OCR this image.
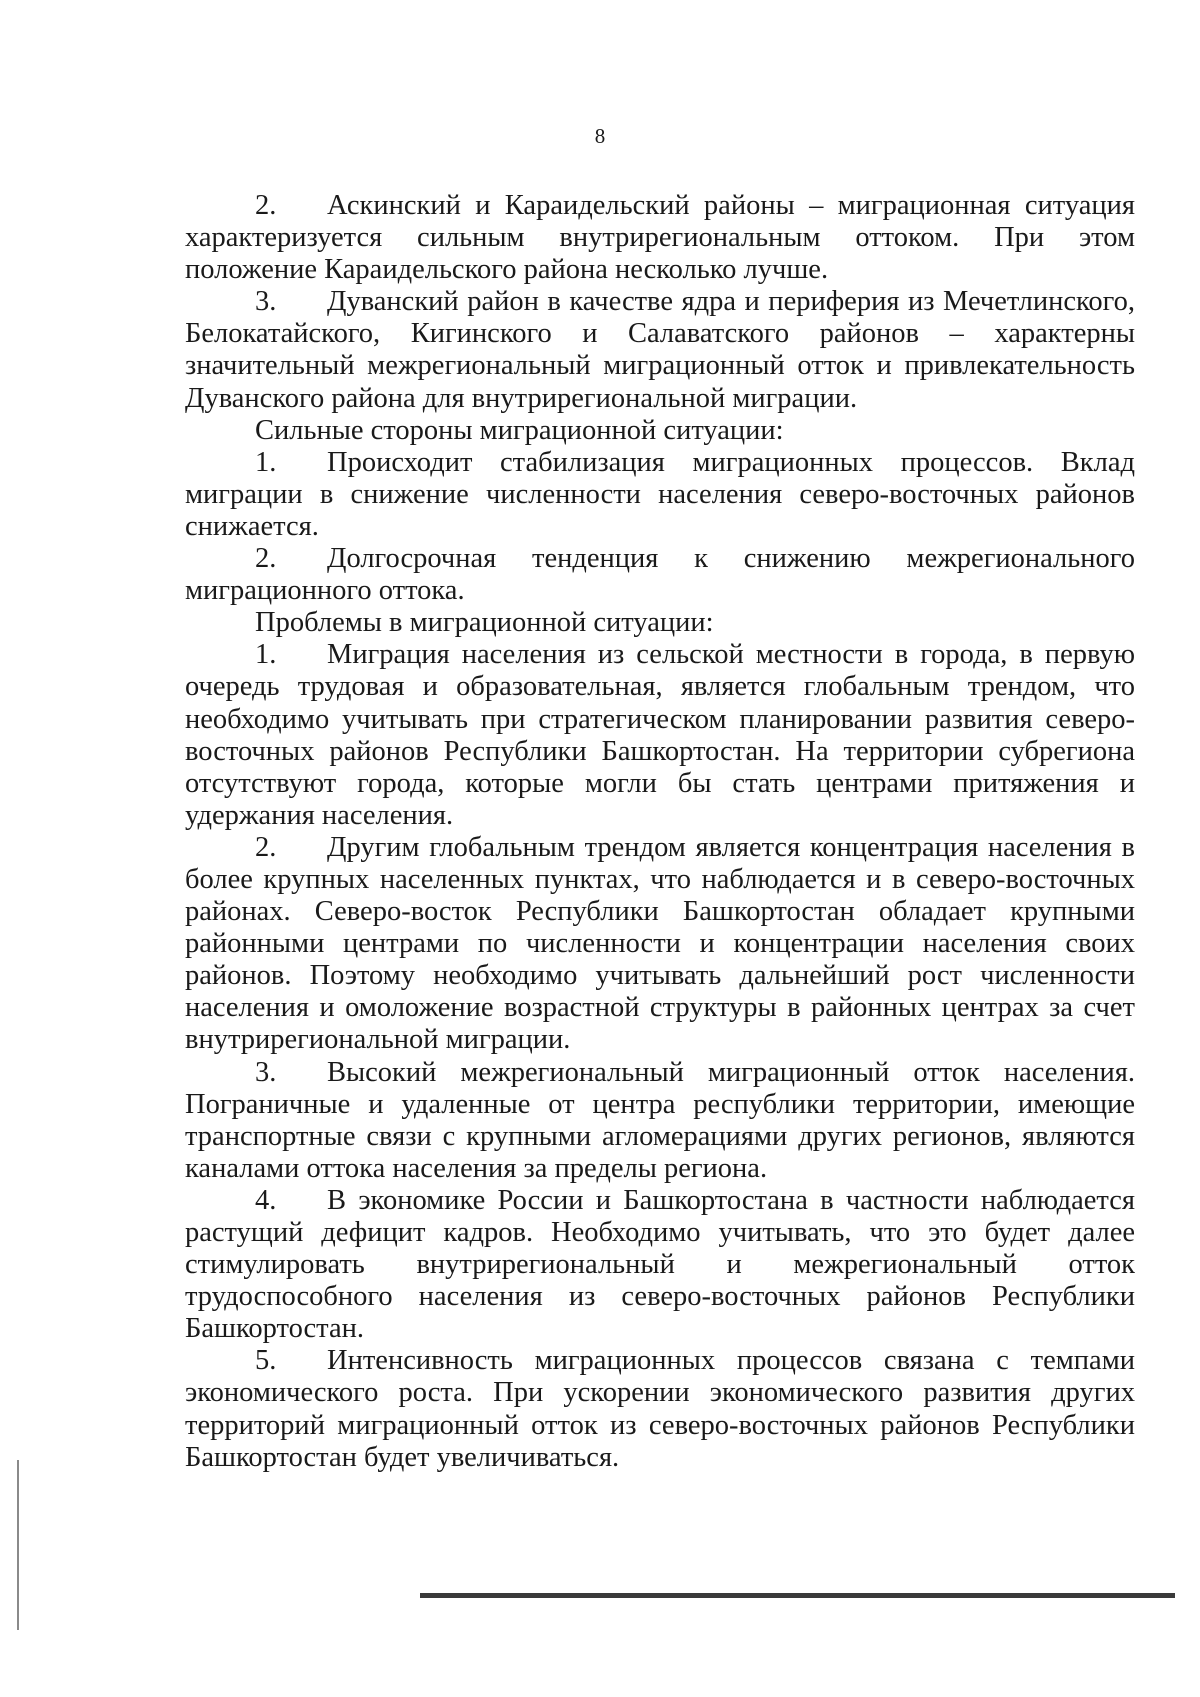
8

2. Аскинский и Караидельский районы – миграционная ситуация характеризуется сильным внутрирегиональным оттоком. При этом положение Караидельского района несколько лучше.

3. Дуванский район в качестве ядра и периферия из Мечетлинского, Белокатайского, Кигинского и Салаватского районов – характерны значительный межрегиональный миграционный отток и привлекательность Дуванского района для внутрирегиональной миграции.

Сильные стороны миграционной ситуации:

1. Происходит стабилизация миграционных процессов. Вклад миграции в снижение численности населения северо-восточных районов снижается.

2. Долгосрочная тенденция к снижению межрегионального миграционного оттока.

Проблемы в миграционной ситуации:

1. Миграция населения из сельской местности в города, в первую очередь трудовая и образовательная, является глобальным трендом, что необходимо учитывать при стратегическом планировании развития северо-восточных районов Республики Башкортостан. На территории субрегиона отсутствуют города, которые могли бы стать центрами притяжения и удержания населения.

2. Другим глобальным трендом является концентрация населения в более крупных населенных пунктах, что наблюдается и в северо-восточных районах. Северо-восток Республики Башкортостан обладает крупными районными центрами по численности и концентрации населения своих районов. Поэтому необходимо учитывать дальнейший рост численности населения и омоложение возрастной структуры в районных центрах за счет внутрирегиональной миграции.

3. Высокий межрегиональный миграционный отток населения. Пограничные и удаленные от центра республики территории, имеющие транспортные связи с крупными агломерациями других регионов, являются каналами оттока населения за пределы региона.

4. В экономике России и Башкортостана в частности наблюдается растущий дефицит кадров. Необходимо учитывать, что это будет далее стимулировать внутрирегиональный и межрегиональный отток трудоспособного населения из северо-восточных районов Республики Башкортостан.

5. Интенсивность миграционных процессов связана с темпами экономического роста. При ускорении экономического развития других территорий миграционный отток из северо-восточных районов Республики Башкортостан будет увеличиваться.
